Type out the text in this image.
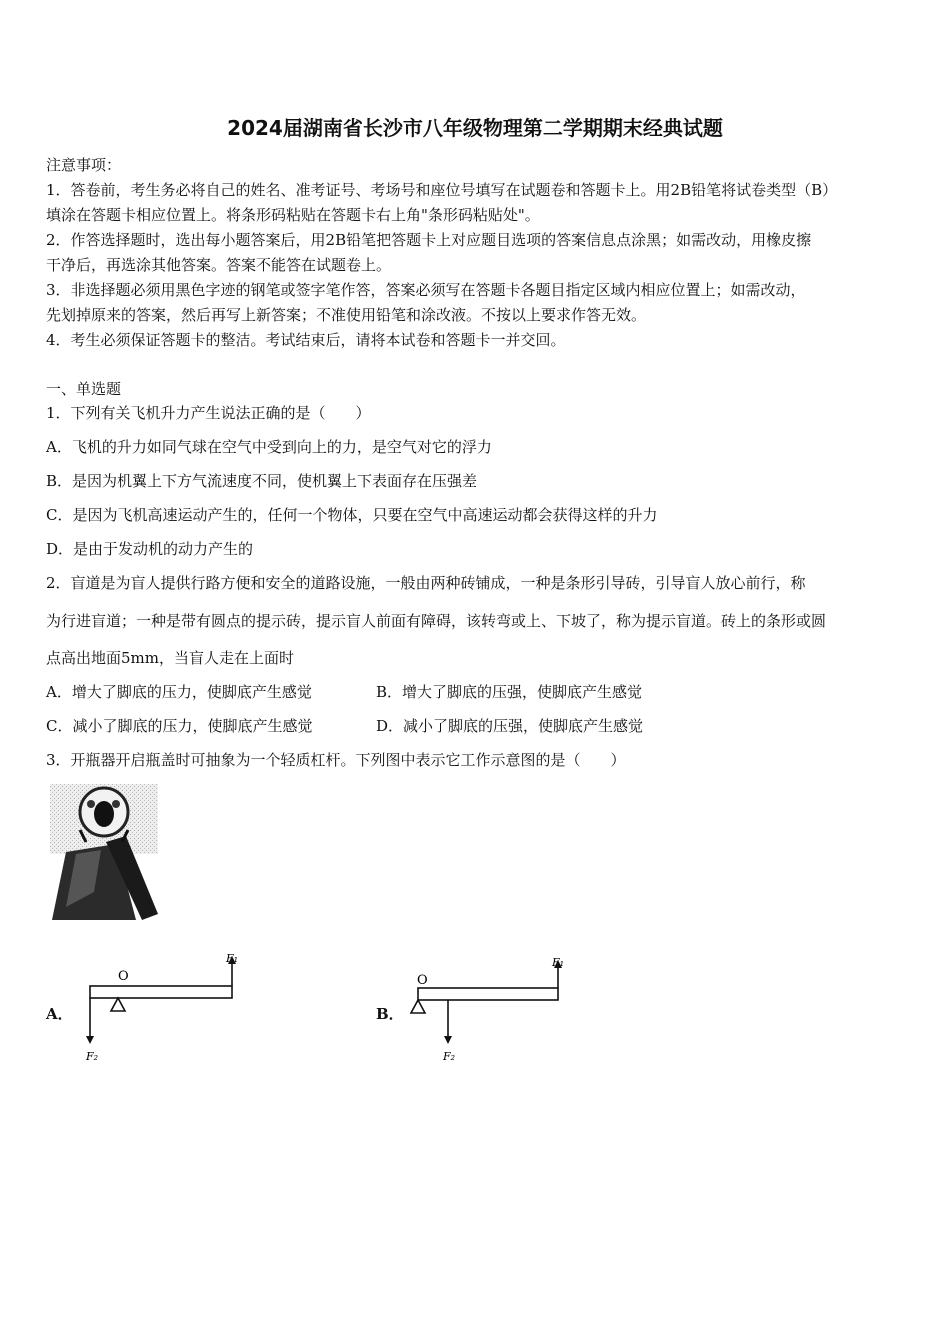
2024届湖南省长沙市八年级物理第二学期期末经典试题
注意事项：
1．答卷前，考生务必将自己的姓名、准考证号、考场号和座位号填写在试题卷和答题卡上。用2B铅笔将试卷类型（B）
填涂在答题卡相应位置上。将条形码粘贴在答题卡右上角"条形码粘贴处"。
2．作答选择题时，选出每小题答案后，用2B铅笔把答题卡上对应题目选项的答案信息点涂黑；如需改动，用橡皮擦
干净后，再选涂其他答案。答案不能答在试题卷上。
3．非选择题必须用黑色字迹的钢笔或签字笔作答，答案必须写在答题卡各题目指定区域内相应位置上；如需改动，
先划掉原来的答案，然后再写上新答案；不准使用铅笔和涂改液。不按以上要求作答无效。
4．考生必须保证答题卡的整洁。考试结束后，请将本试卷和答题卡一并交回。
一、单选题
1．下列有关飞机升力产生说法正确的是（　　）
A．飞机的升力如同气球在空气中受到向上的力，是空气对它的浮力
B．是因为机翼上下方气流速度不同，使机翼上下表面存在压强差
C．是因为飞机高速运动产生的，任何一个物体，只要在空气中高速运动都会获得这样的升力
D．是由于发动机的动力产生的
2．盲道是为盲人提供行路方便和安全的道路设施，一般由两种砖铺成，一种是条形引导砖，引导盲人放心前行，称
为行进盲道；一种是带有圆点的提示砖，提示盲人前面有障碍，该转弯或上、下坡了，称为提示盲道。砖上的条形或圆
点高出地面5mm，当盲人走在上面时
A．增大了脚底的压力，使脚底产生感觉	B．增大了脚底的压强，使脚底产生感觉
C．减小了脚底的压力，使脚底产生感觉	D．减小了脚底的压强，使脚底产生感觉
3．开瓶器开启瓶盖时可抽象为一个轻质杠杆。下列图中表示它工作示意图的是（　　）
A．
O
F₁
F₂
B．
O
F₁
F₂
